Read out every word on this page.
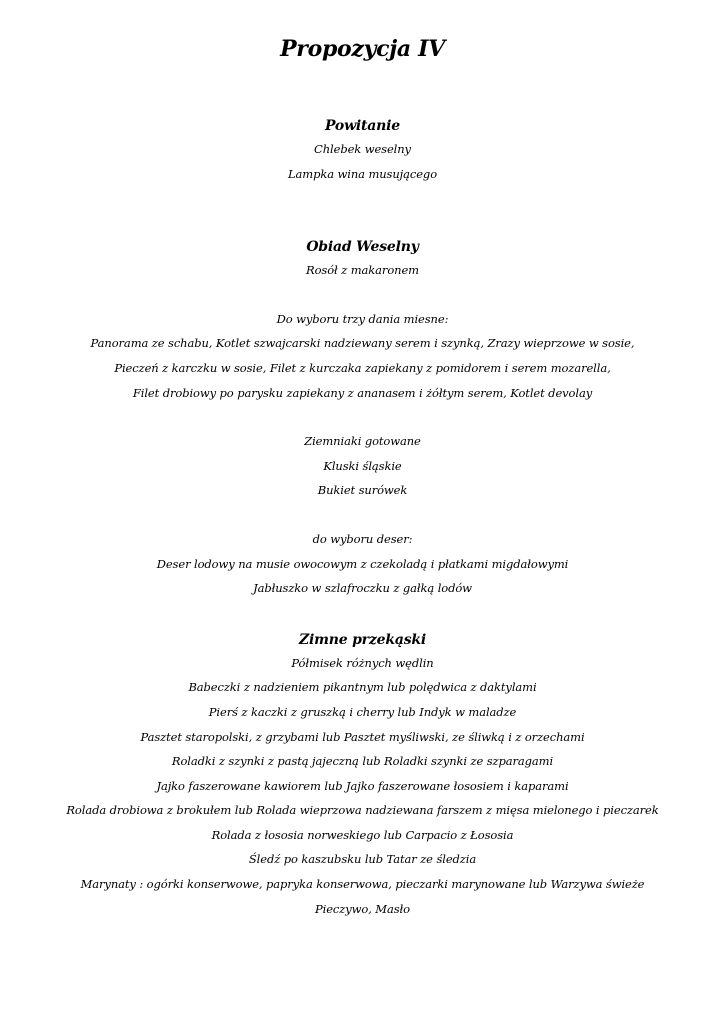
Propozycja IV
Powitanie

Chlebek weselny

Lampka wina musującego

Obiad Weselny

Rosół z makaronem

Do wyboru trzy dania miesne:

Panorama ze schabu, Kotlet szwajcarski nadziewany serem i szynką, Zrazy wieprzowe w sosie,

Pieczeń z karczku w sosie, Filet z kurczaka zapiekany z pomidorem i serem mozarella,

Filet drobiowy po parysku zapiekany z ananasem i żółtym serem, Kotlet devolay

Ziemniaki gotowane

Kluski śląskie

Bukiet surówek

do wyboru deser:

Deser lodowy na musie owocowym z czekoladą i płatkami migdałowymi

Jabłuszko w szlafroczku z gałką lodów

Zimne przekąski

Półmisek różnych wędlin

Babeczki z nadzieniem pikantnym lub polędwica z daktylami

Pierś z kaczki z gruszką i cherry lub Indyk w maladze

Pasztet staropolski, z grzybami lub Pasztet myśliwski, ze śliwką i z orzechami

Roladki z szynki z pastą jajeczną lub Roladki szynki ze szparagami

Jajko faszerowane kawiorem lub Jajko faszerowane łososiem i kaparami

Rolada drobiowa z brokułem lub Rolada wieprzowa nadziewana farszem z mięsa mielonego i pieczarek

Rolada z łososia norweskiego lub Carpacio z Łososia

Śledź po kaszubsku lub Tatar ze śledzia

Marynaty : ogórki konserwowe, papryka konserwowa, pieczarki marynowane lub Warzywa świeże

Pieczywo, Masło
